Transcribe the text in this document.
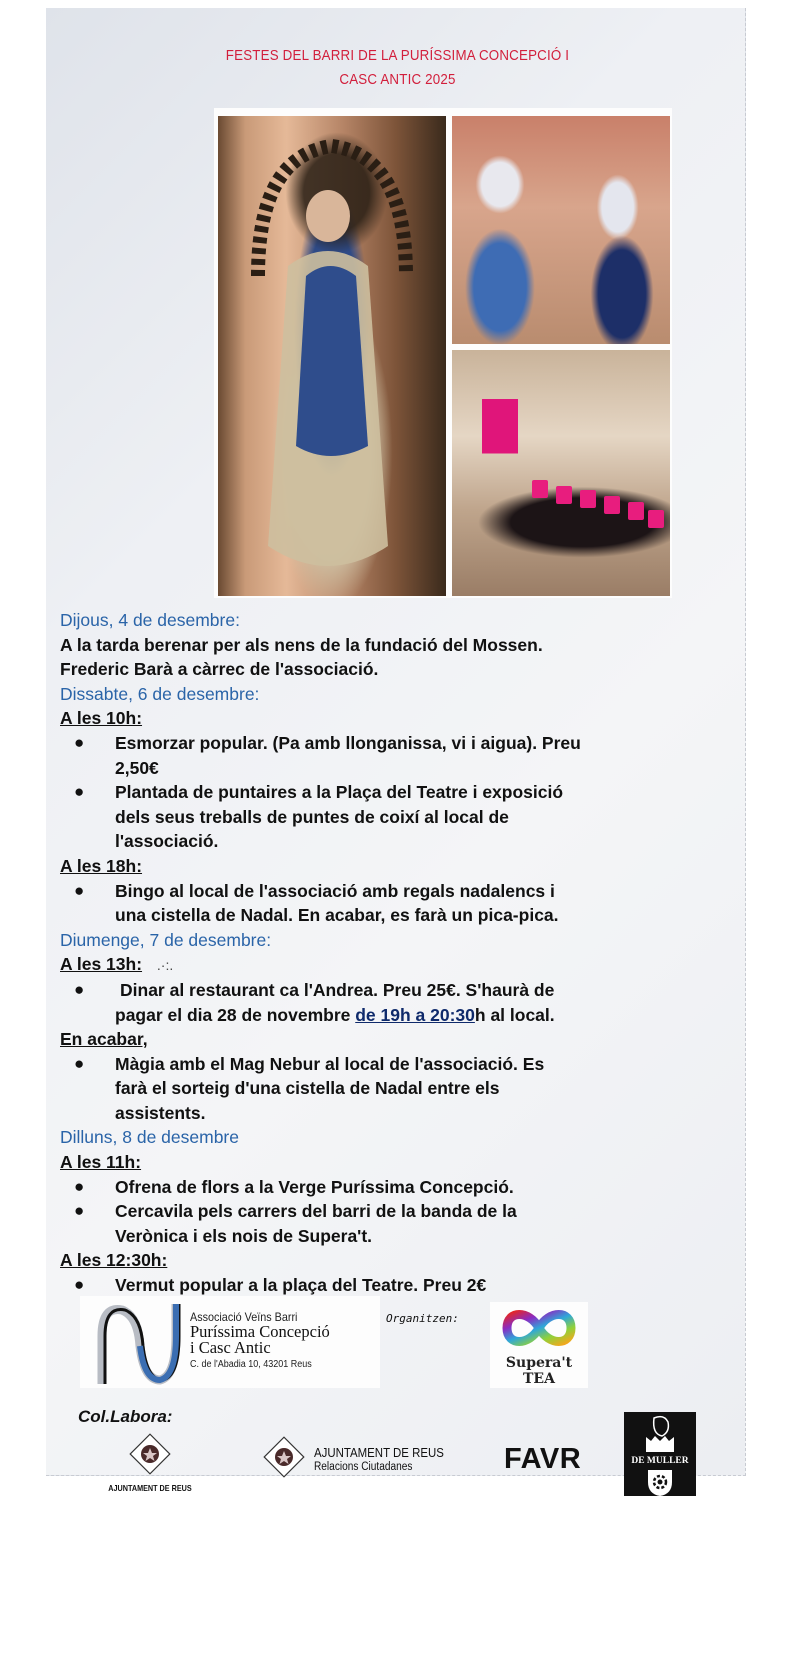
FESTES DEL BARRI DE LA PURÍSSIMA CONCEPCIÓ I
CASC ANTIC 2025
Dijous, 4 de desembre:
A la tarda berenar per als nens de la fundació del Mossen.
Frederic Barà a càrrec de l'associació.
Dissabte, 6 de desembre:
A les 10h:
● Esmorzar popular. (Pa amb llonganissa, vi i aigua). Preu
2,50€
● Plantada de puntaires a la Plaça del Teatre i exposició
dels seus treballs de puntes de coixí al local de
l'associació.
A les 18h:
● Bingo al local de l'associació amb regals nadalencs i
una cistella de Nadal. En acabar, es farà un pica-pica.
Diumenge, 7 de desembre:
A les 13h: .·:.
● Dinar al restaurant ca l'Andrea. Preu 25€. S'haurà de
pagar el dia 28 de novembre de 19h a 20:30h al local.
En acabar,
● Màgia amb el Mag Nebur al local de l'associació. Es
farà el sorteig d'una cistella de Nadal entre els
assistents.
Dilluns, 8 de desembre
A les 11h:
● Ofrena de flors a la Verge Puríssima Concepció.
● Cercavila pels carrers del barri de la banda de la
Verònica i els nois de Supera't.
A les 12:30h:
● Vermut popular a la plaça del Teatre. Preu 2€
Associació Veïns Barri
Puríssima Concepció
i Casc Antic
C. de l'Abadia 10, 43201 Reus
Organitzen:
Supera't
TEA
Col.Labora:
AJUNTAMENT DE REUS
AJUNTAMENT DE REUS
Relacions Ciutadanes	FAVR	DE MULLER
